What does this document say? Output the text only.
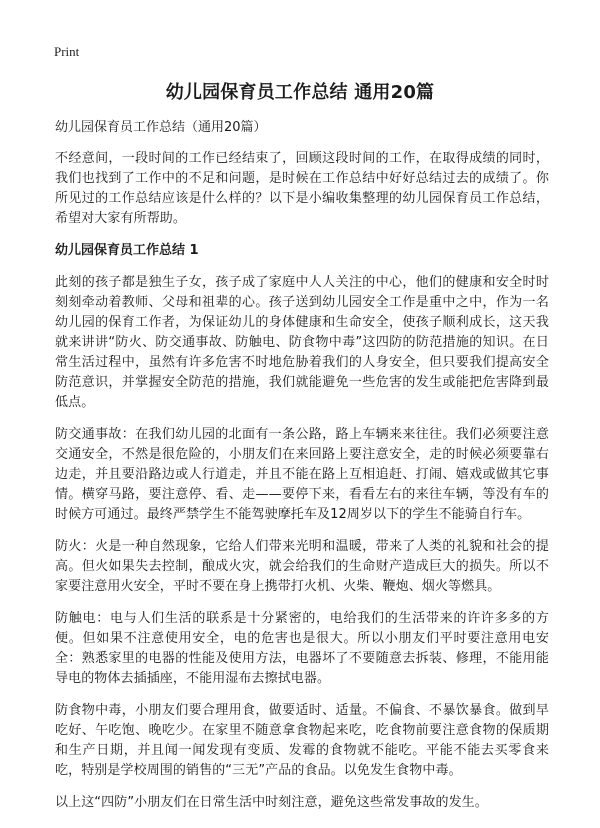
Print
幼儿园保育员工作总结 通用20篇
幼儿园保育员工作总结（通用20篇）

不经意间，一段时间的工作已经结束了，回顾这段时间的工作，在取得成绩的同时，我们也找到了工作中的不足和问题，是时候在工作总结中好好总结过去的成绩了。你所见过的工作总结应该是什么样的？以下是小编收集整理的幼儿园保育员工作总结，希望对大家有所帮助。

幼儿园保育员工作总结 1

此刻的孩子都是独生子女，孩子成了家庭中人人关注的中心，他们的健康和安全时时刻刻牵动着教师、父母和祖辈的心。孩子送到幼儿园安全工作是重中之中，作为一名幼儿园的保育工作者，为保证幼儿的身体健康和生命安全，使孩子顺利成长，这天我就来讲讲“防火、防交通事故、防触电、防食物中毒”这四防的防范措施的知识。在日常生活过程中，虽然有许多危害不时地危胁着我们的人身安全，但只要我们提高安全防范意识，并掌握安全防范的措施，我们就能避免一些危害的发生或能把危害降到最低点。

防交通事故：在我们幼儿园的北面有一条公路，路上车辆来来往往。我们必须要注意交通安全，不然是很危险的，小朋友们在来回路上要注意安全，走的时候必须要靠右边走，并且要沿路边或人行道走，并且不能在路上互相追赶、打闹、嬉戏或做其它事情。横穿马路，要注意停、看、走——要停下来，看看左右的来往车辆，等没有车的时候方可通过。最终严禁学生不能驾驶摩托车及12周岁以下的学生不能骑自行车。

防火：火是一种自然现象，它给人们带来光明和温暖，带来了人类的礼貌和社会的提高。但火如果失去控制，酿成火灾，就会给我们的生命财产造成巨大的损失。所以不家要注意用火安全，平时不要在身上携带打火机、火柴、鞭炮、烟火等燃具。

防触电：电与人们生活的联系是十分紧密的，电给我们的生活带来的许许多多的方便。但如果不注意使用安全，电的危害也是很大。所以小朋友们平时要注意用电安全：熟悉家里的电器的性能及使用方法，电器坏了不要随意去拆装、修理，不能用能导电的物体去插插座，不能用湿布去擦拭电器。

防食物中毒，小朋友们要合理用食，做要适时、适量。不偏食、不暴饮暴食。做到早吃好、午吃饱、晚吃少。在家里不随意拿食物起来吃，吃食物前要注意食物的保质期和生产日期，并且闻一闻发现有变质、发霉的食物就不能吃。平能不能去买零食来吃，特别是学校周围的销售的“三无”产品的食品。以免发生食物中毒。

以上这“四防”小朋友们在日常生活中时刻注意，避免这些常发事故的发生。
